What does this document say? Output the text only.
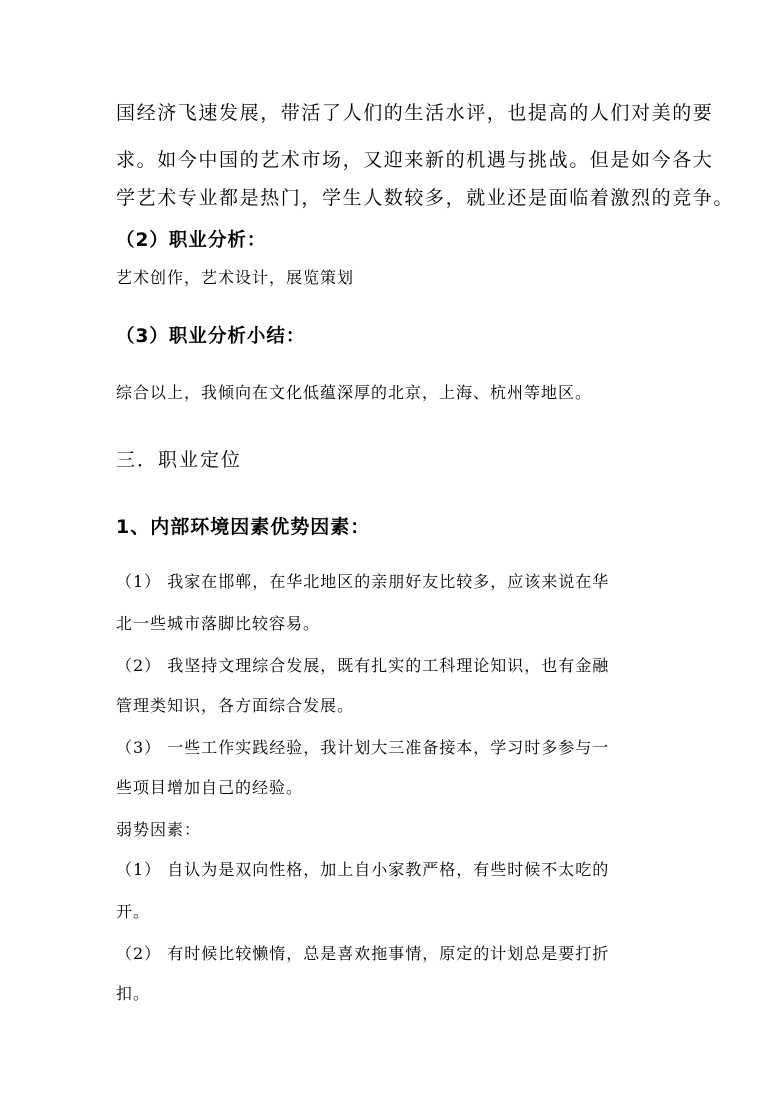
国经济飞速发展，带活了人们的生活水评，也提高的人们对美的要
求。如今中国的艺术市场，又迎来新的机遇与挑战。但是如今各大
学艺术专业都是热门，学生人数较多，就业还是面临着激烈的竞争。
（2）职业分析：
艺术创作，艺术设计，展览策划
（3）职业分析小结：
综合以上，我倾向在文化低蕴深厚的北京，上海、杭州等地区。
三．职业定位
1、内部环境因素优势因素：
（1） 我家在邯郸，在华北地区的亲朋好友比较多，应该来说在华
北一些城市落脚比较容易。
（2） 我坚持文理综合发展，既有扎实的工科理论知识，也有金融
管理类知识，各方面综合发展。
（3） 一些工作实践经验，我计划大三准备接本，学习时多参与一
些项目增加自己的经验。
弱势因素：
（1） 自认为是双向性格，加上自小家教严格，有些时候不太吃的
开。
（2） 有时候比较懒惰，总是喜欢拖事情，原定的计划总是要打折
扣。
